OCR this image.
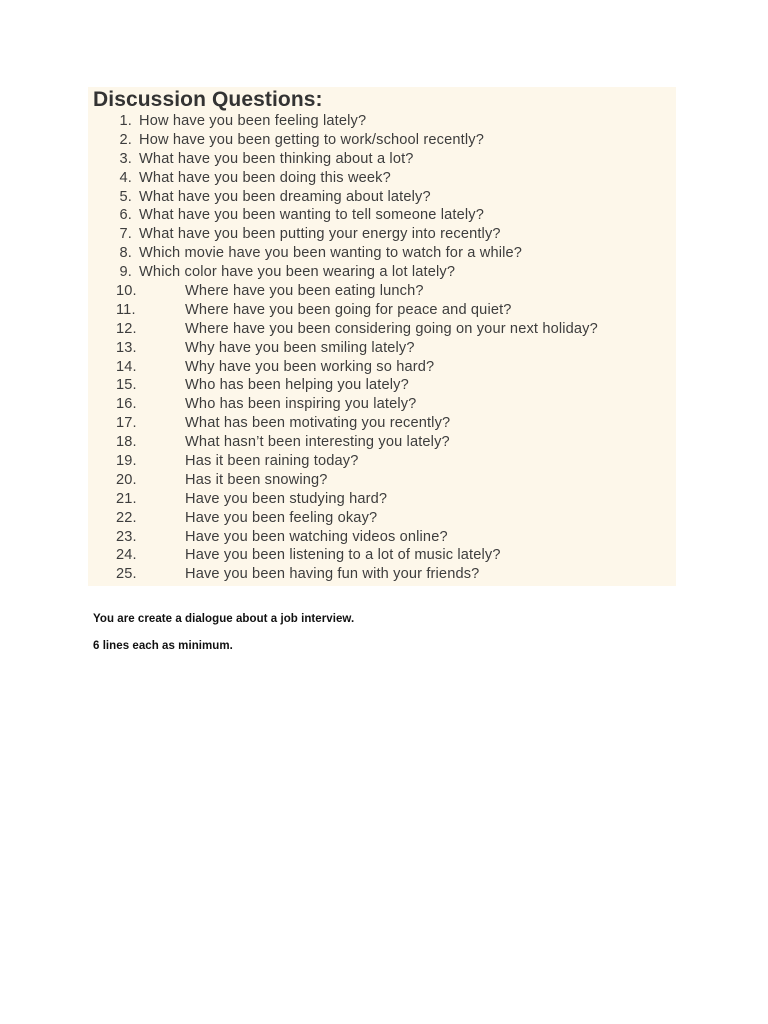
Discussion Questions:
1. How have you been feeling lately?
2. How have you been getting to work/school recently?
3. What have you been thinking about a lot?
4. What have you been doing this week?
5. What have you been dreaming about lately?
6. What have you been wanting to tell someone lately?
7. What have you been putting your energy into recently?
8. Which movie have you been wanting to watch for a while?
9. Which color have you been wearing a lot lately?
10.	Where have you been eating lunch?
11.	Where have you been going for peace and quiet?
12.	Where have you been considering going on your next holiday?
13.	Why have you been smiling lately?
14.	Why have you been working so hard?
15.	Who has been helping you lately?
16.	Who has been inspiring you lately?
17.	What has been motivating you recently?
18.	What hasn’t been interesting you lately?
19.	Has it been raining today?
20.	Has it been snowing?
21.	Have you been studying hard?
22.	Have you been feeling okay?
23.	Have you been watching videos online?
24.	Have you been listening to a lot of music lately?
25.	Have you been having fun with your friends?

You are create a dialogue about a job interview.

6 lines each as minimum.
